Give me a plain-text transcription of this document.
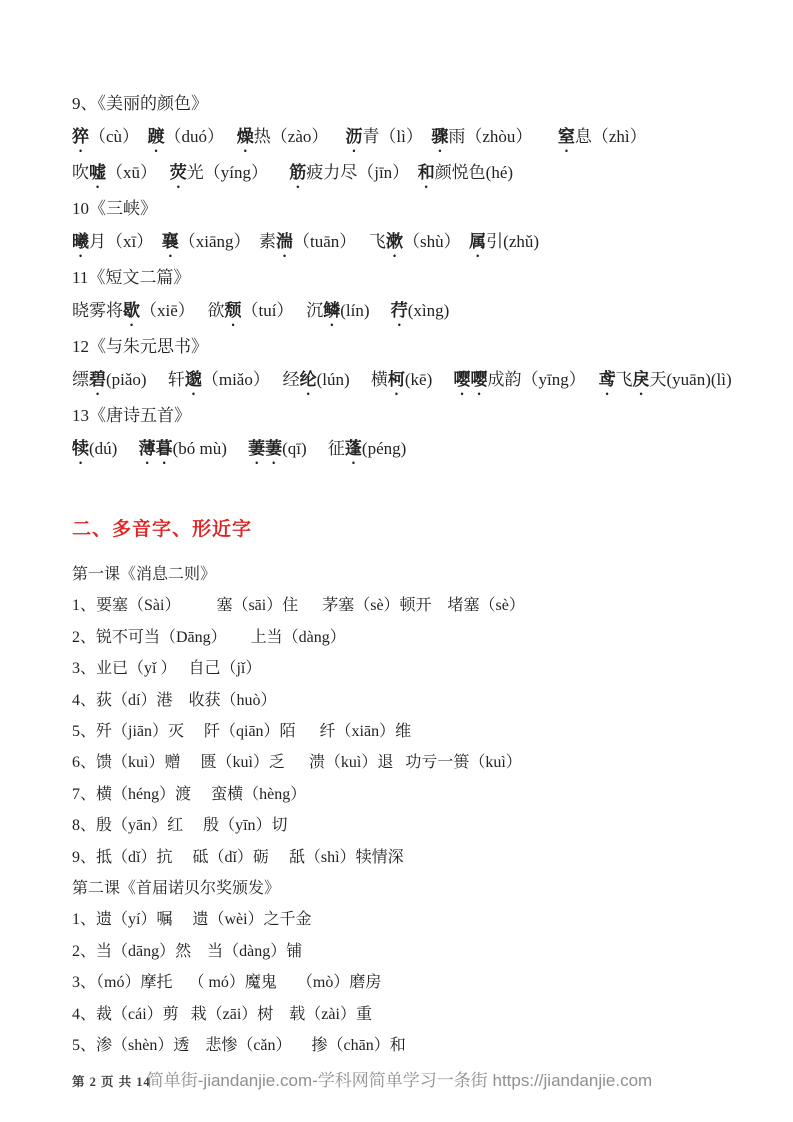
9、《美丽的颜色》
猝（cù）　踱（duó）　 燥热（zào）　  沥青（lì）　骤雨（zhòu）　　窒息（zhì）
吹嘘（xū）　 荧光（yíng）　   筋疲力尽（jīn）　和颜悦色(hé)
10《三峡》
曦月（xī）　襄（xiāng）　素湍（tuān）　 飞漱（shù）　属引(zhǔ)
11《短文二篇》
晓雾将歇（xiē）　 欲颓（tuí）　 沉鳞(lín)　 荇(xìng)
12《与朱元思书》
缥碧(piǎo)　 轩邈（miǎo）　 经纶(lún)　 横柯(kē)　 嘤嘤成韵（yīng）　 鸢飞戾天(yuān)(lì)
13《唐诗五首》
犊(dú)　 薄暮(bó mù)　 萋萋(qī)　 征蓬(péng)
二、多音字、形近字
第一课《消息二则》
1、要塞（Sài）         塞（sāi）住      茅塞（sè）顿开    堵塞（sè）
2、锐不可当（Dāng）      上当（dàng）
3、业已（yǐ ）   自己（jǐ）
4、荻（dí）港    收获（huò）
5、歼（jiān）灭     阡（qiān）陌      纤（xiān）维
6、馈（kuì）赠     匮（kuì）乏      溃（kuì）退   功亏一篑（kuì）
7、横（héng）渡     蛮横（hèng）
8、殷（yān）红     殷（yīn）切
9、抵（dǐ）抗     砥（dǐ）砺     舐（shì）犊情深
第二课《首届诺贝尔奖颁发》
1、遗（yí）嘱     遗（wèi）之千金
2、当（dāng）然    当（dàng）铺
3、（mó）摩托    （ mó）魔鬼     （mò）磨房
4、裁（cái）剪   栽（zāi）树    载（zài）重
5、渗（shèn）透    悲惨（cǎn）     掺（chān）和
第 2 页 共 14
简单街-jiandanjie.com-学科网简单学习一条街 https://jiandanjie.com
